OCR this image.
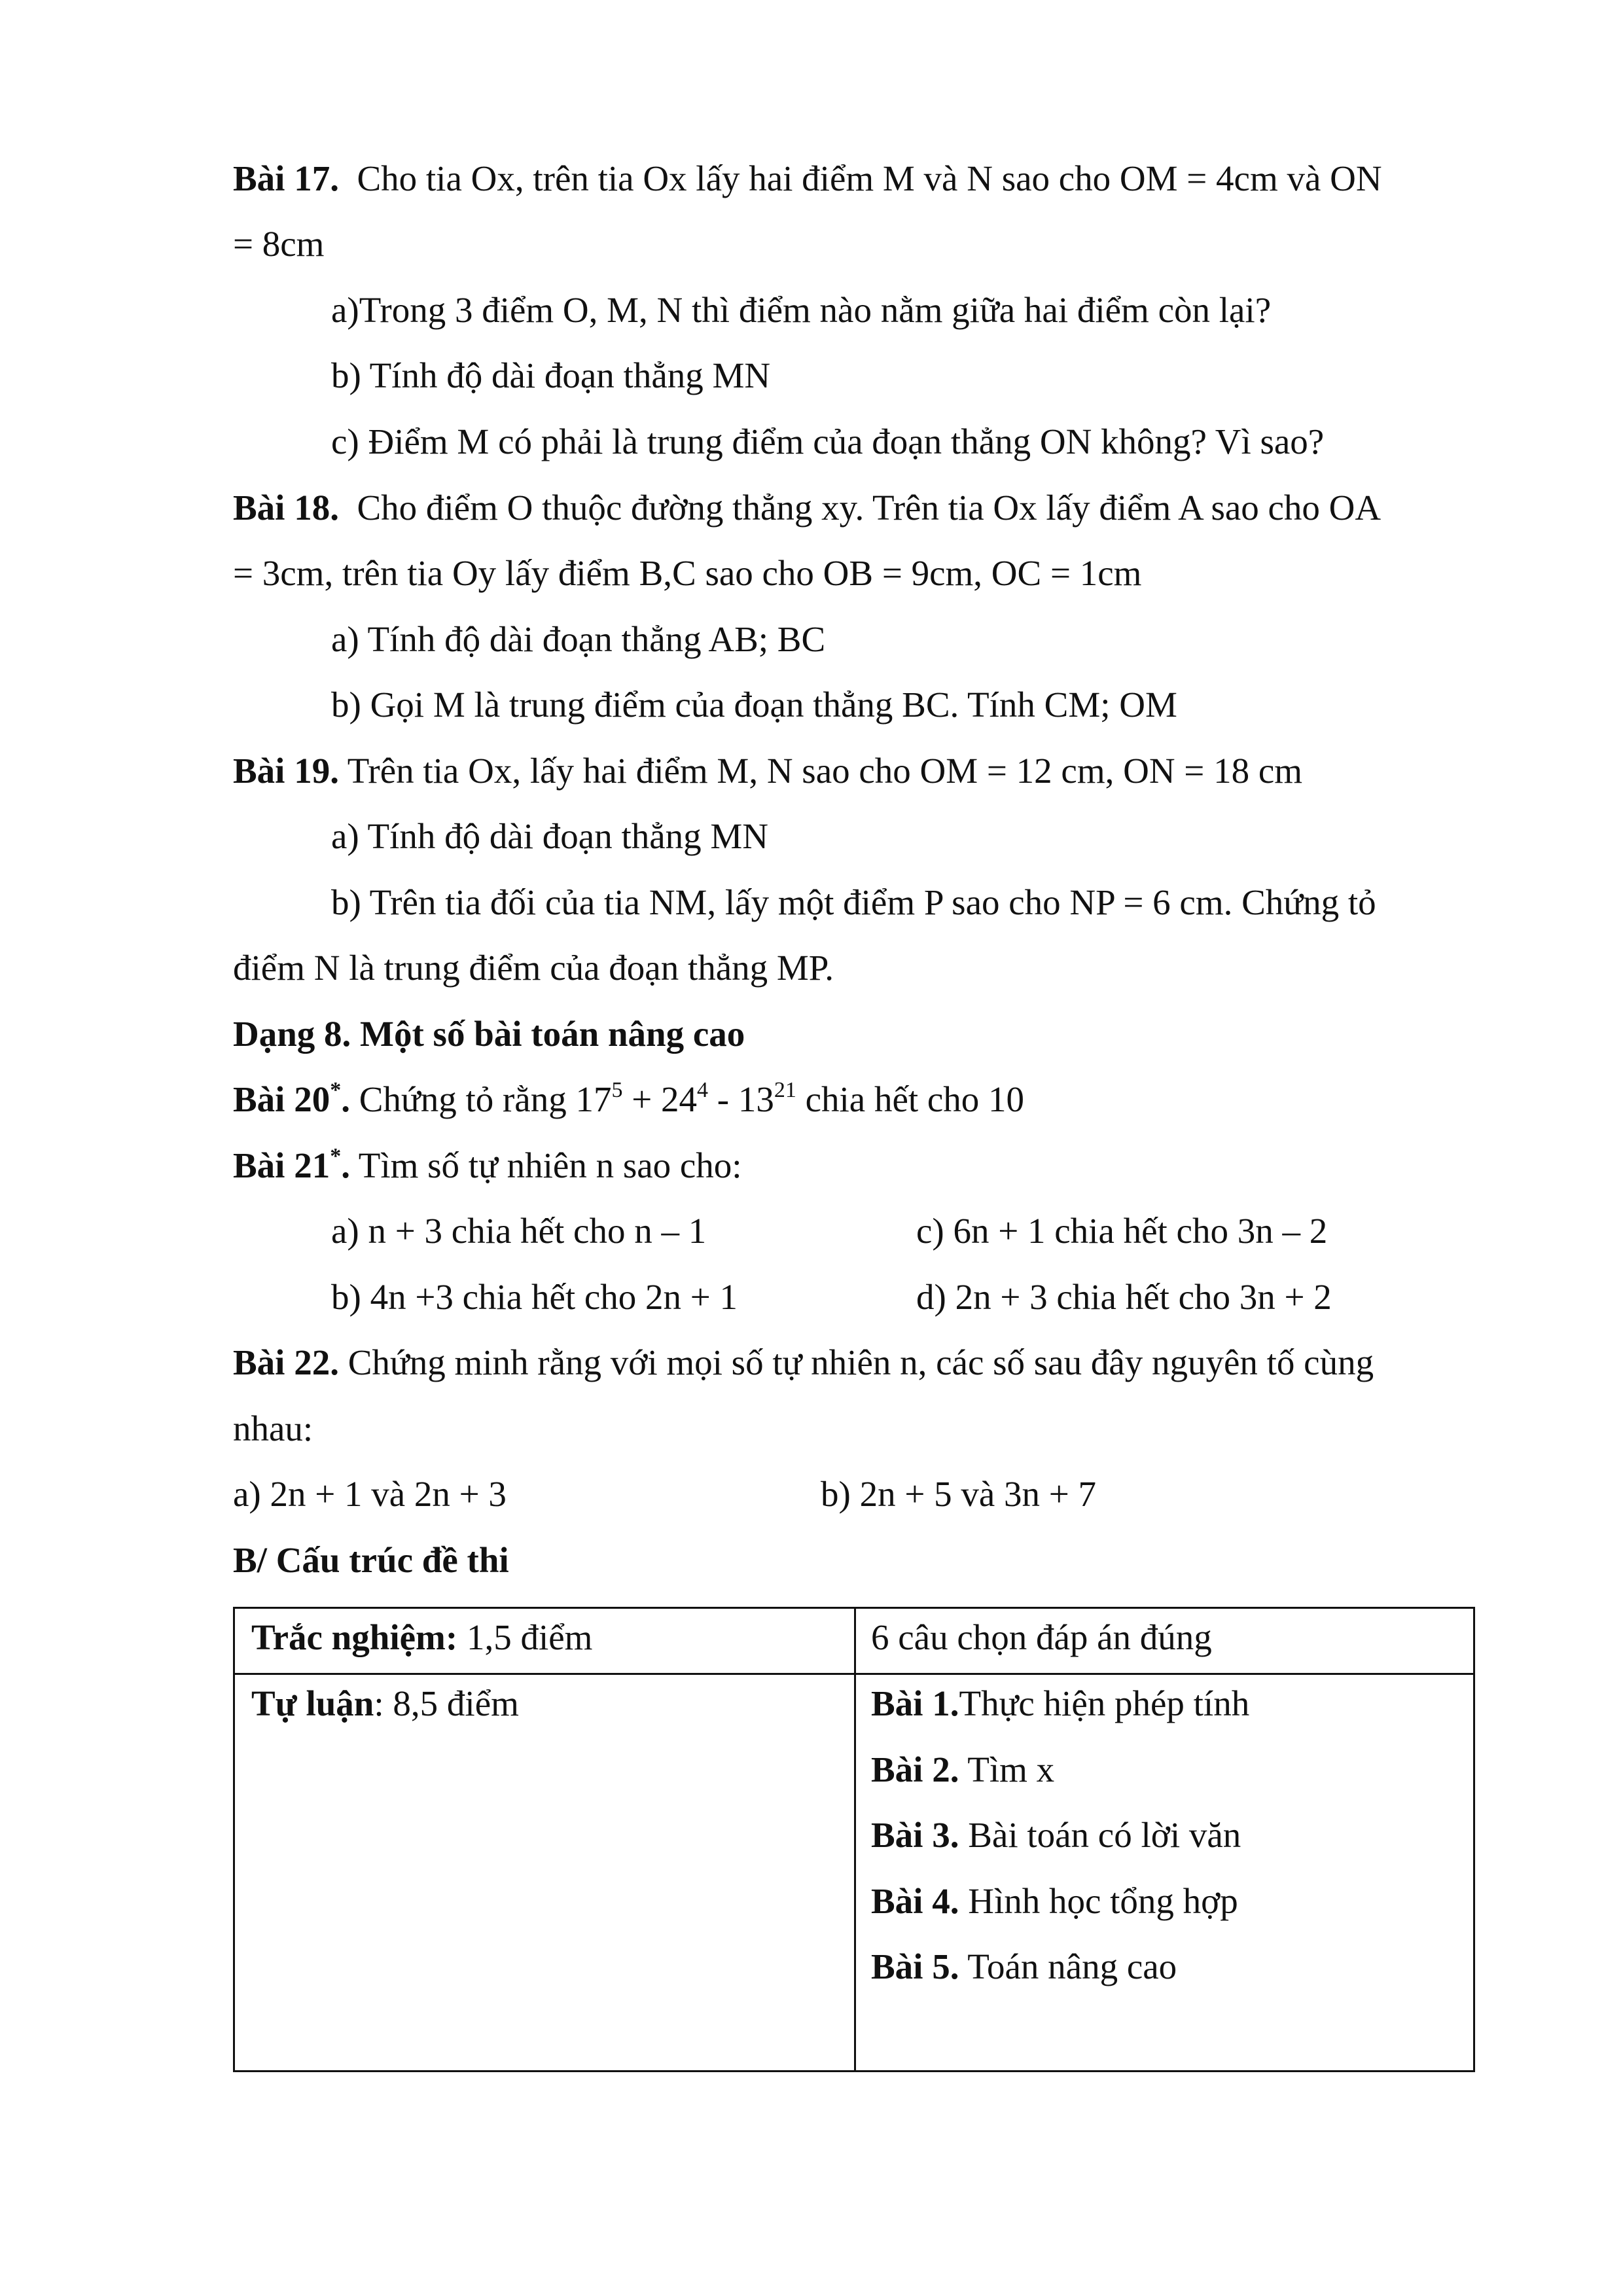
Bài 17. Cho tia Ox, trên tia Ox lấy hai điểm M và N sao cho OM = 4cm và ON
= 8cm
a)Trong 3 điểm O, M, N thì điểm nào nằm giữa hai điểm còn lại?
b) Tính độ dài đoạn thẳng MN
c) Điểm M có phải là trung điểm của đoạn thẳng ON không? Vì sao?
Bài 18. Cho điểm O thuộc đường thẳng xy. Trên tia Ox lấy điểm A sao cho OA
= 3cm, trên tia Oy lấy điểm B,C sao cho OB = 9cm, OC = 1cm
a) Tính độ dài đoạn thẳng AB; BC
b) Gọi M là trung điểm của đoạn thẳng BC. Tính CM; OM
Bài 19. Trên tia Ox, lấy hai điểm M, N sao cho OM = 12 cm, ON = 18 cm
a) Tính độ dài đoạn thẳng MN
b) Trên tia đối của tia NM, lấy một điểm P sao cho NP = 6 cm. Chứng tỏ
điểm N là trung điểm của đoạn thẳng MP.
Dạng 8. Một số bài toán nâng cao
Bài 20*. Chứng tỏ rằng $17^5 + 24^4 - 13^{21}$ chia hết cho 10
Bài 21*. Tìm số tự nhiên n sao cho:
a) n + 3 chia hết cho n – 1	c) 6n + 1 chia hết cho 3n – 2
b) 4n +3 chia hết cho 2n + 1	d) 2n + 3 chia hết cho 3n + 2
Bài 22. Chứng minh rằng với mọi số tự nhiên n, các số sau đây nguyên tố cùng
nhau:
a) 2n + 1 và 2n + 3	b) 2n + 5 và 3n + 7
B/ Cấu trúc đề thi
Trắc nghiệm: 1,5 điểm	6 câu chọn đáp án đúng
Tự luận: 8,5 điểm	Bài 1.Thực hiện phép tính
Bài 2. Tìm x
Bài 3. Bài toán có lời văn
Bài 4. Hình học tổng hợp
Bài 5. Toán nâng cao
